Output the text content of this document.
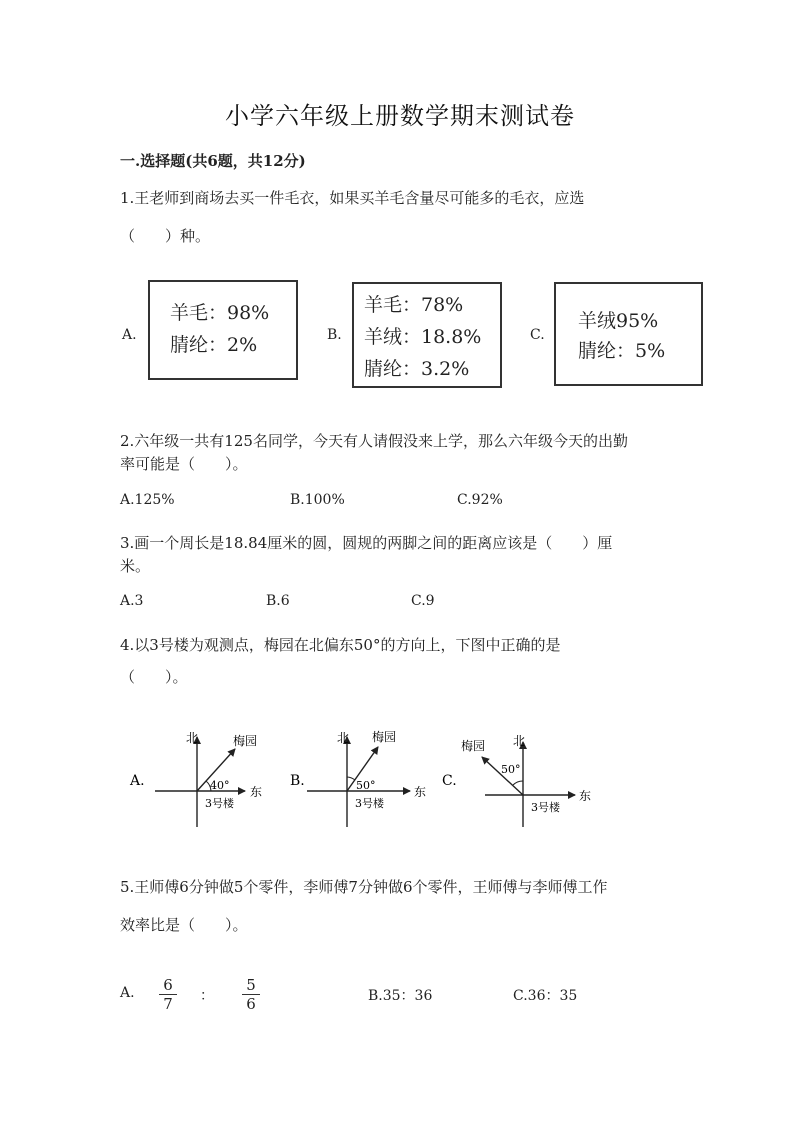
小学六年级上册数学期末测试卷
一.选择题(共6题，共12分)
1.王老师到商场去买一件毛衣，如果买羊毛含量尽可能多的毛衣，应选
（　　）种。
A.
羊毛：98%
腈纶：2%	B.
羊毛：78%
羊绒：18.8%
腈纶：3.2%
C.
羊绒95%
腈纶：5%
2.六年级一共有125名同学，今天有人请假没来上学，那么六年级今天的出勤
率可能是（　　）。
A.125%	B.100%	C.92%
3.画一个周长是18.84厘米的圆，圆规的两脚之间的距离应该是（　　）厘
米。
A.3	B.6	C.9
4.以3号楼为观测点，梅园在北偏东50°的方向上，下图中正确的是
（　　）。
A.
北
东
梅园
40°
3号楼
B.
北
东
梅园
50°
3号楼
C.
北
东
梅园
50°
3号楼
5.王师傅6分钟做5个零件，李师傅7分钟做6个零件，王师傅与李师傅工作
效率比是（　　）。
A. $\frac{6}{7}$ ： $\frac{5}{6}$	B.35：36	C.36：35
